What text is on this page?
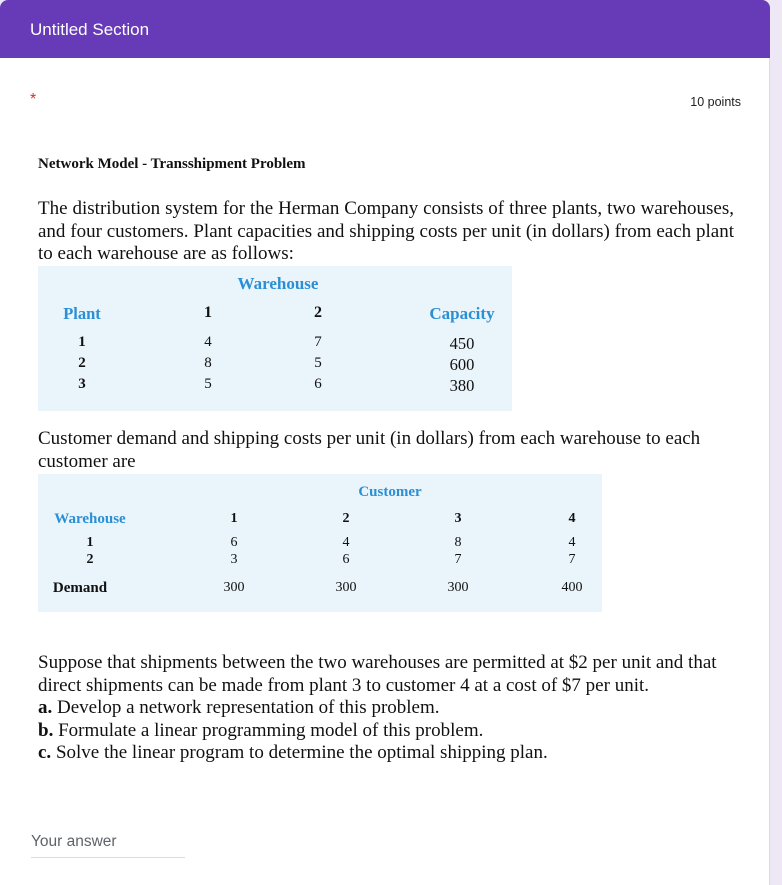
Untitled Section
*	10 points
Network Model - Transshipment Problem
The distribution system for the Herman Company consists of three plants, two warehouses, and four customers. Plant capacities and shipping costs per unit (in dollars) from each plant to each warehouse are as follows:
Warehouse
Plant	1	2	Capacity
1	4	7	450
2	8	5	600
3	5	6	380
Customer demand and shipping costs per unit (in dollars) from each warehouse to each customer are
Customer
Warehouse	1	2	3	4
1	6	4	8	4
2	3	6	7	7
Demand	300	300	300	400
Suppose that shipments between the two warehouses are permitted at $2 per unit and that direct shipments can be made from plant 3 to customer 4 at a cost of $7 per unit.
a. Develop a network representation of this problem.
b. Formulate a linear programming model of this problem.
c. Solve the linear program to determine the optimal shipping plan.
Your answer
